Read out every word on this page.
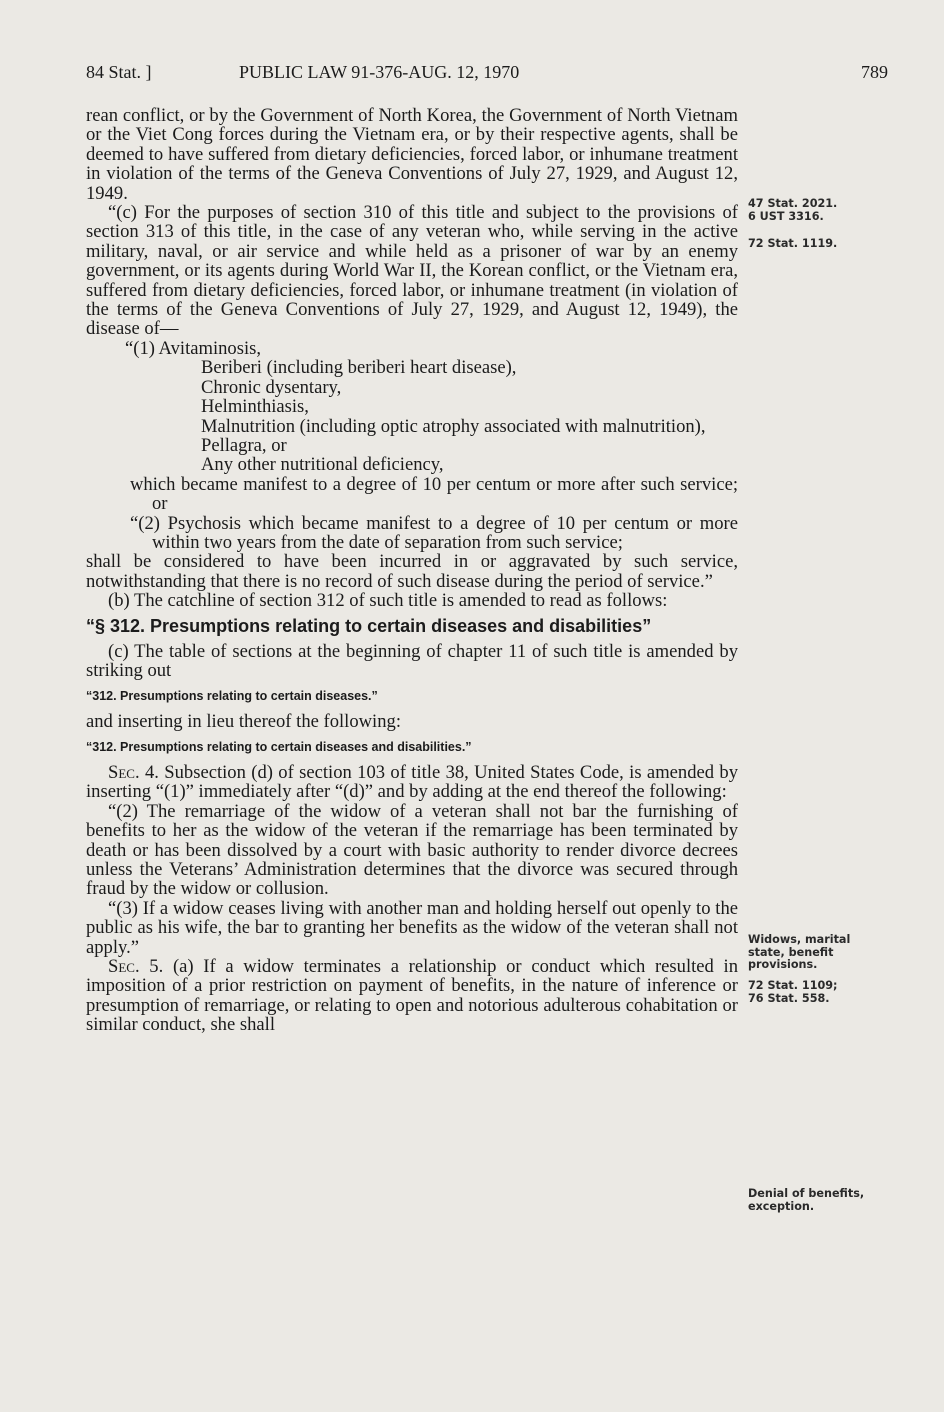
84 Stat. ]	PUBLIC LAW 91-376-AUG. 12, 1970	789

rean conflict, or by the Government of North Korea, the Government of North Vietnam or the Viet Cong forces during the Vietnam era, or by their respective agents, shall be deemed to have suffered from dietary deficiencies, forced labor, or inhumane treatment in violation of the terms of the Geneva Conventions of July 27, 1929, and August 12, 1949.

“(c) For the purposes of section 310 of this title and subject to the provisions of section 313 of this title, in the case of any veteran who, while serving in the active military, naval, or air service and while held as a prisoner of war by an enemy government, or its agents during World War II, the Korean conflict, or the Vietnam era, suffered from dietary deficiencies, forced labor, or inhumane treatment (in violation of the terms of the Geneva Conventions of July 27, 1929, and August 12, 1949), the disease of—

“(1) Avitaminosis,

Beriberi (including beriberi heart disease),

Chronic dysentary,

Helminthiasis,

Malnutrition (including optic atrophy associated with malnutrition),

Pellagra, or

Any other nutritional deficiency,

which became manifest to a degree of 10 per centum or more after such service; or

“(2) Psychosis which became manifest to a degree of 10 per centum or more within two years from the date of separation from such service;

shall be considered to have been incurred in or aggravated by such service, notwithstanding that there is no record of such disease during the period of service.”

(b) The catchline of section 312 of such title is amended to read as follows:

“§ 312. Presumptions relating to certain diseases and disabilities”

(c) The table of sections at the beginning of chapter 11 of such title is amended by striking out

“312. Presumptions relating to certain diseases.”

and inserting in lieu thereof the following:

“312. Presumptions relating to certain diseases and disabilities.”

Sec. 4. Subsection (d) of section 103 of title 38, United States Code, is amended by inserting “(1)” immediately after “(d)” and by adding at the end thereof the following:

“(2) The remarriage of the widow of a veteran shall not bar the furnishing of benefits to her as the widow of the veteran if the remarriage has been terminated by death or has been dissolved by a court with basic authority to render divorce decrees unless the Veterans’ Administration determines that the divorce was secured through fraud by the widow or collusion.

“(3) If a widow ceases living with another man and holding herself out openly to the public as his wife, the bar to granting her benefits as the widow of the veteran shall not apply.”

Sec. 5. (a) If a widow terminates a relationship or conduct which resulted in imposition of a prior restriction on payment of benefits, in the nature of inference or presumption of remarriage, or relating to open and notorious adulterous cohabitation or similar conduct, she shall

47 Stat. 2021.
6 UST 3316.
72 Stat. 1119.
Widows, marital state, benefit provisions.
72 Stat. 1109;
76 Stat. 558.
Denial of benefits, exception.
